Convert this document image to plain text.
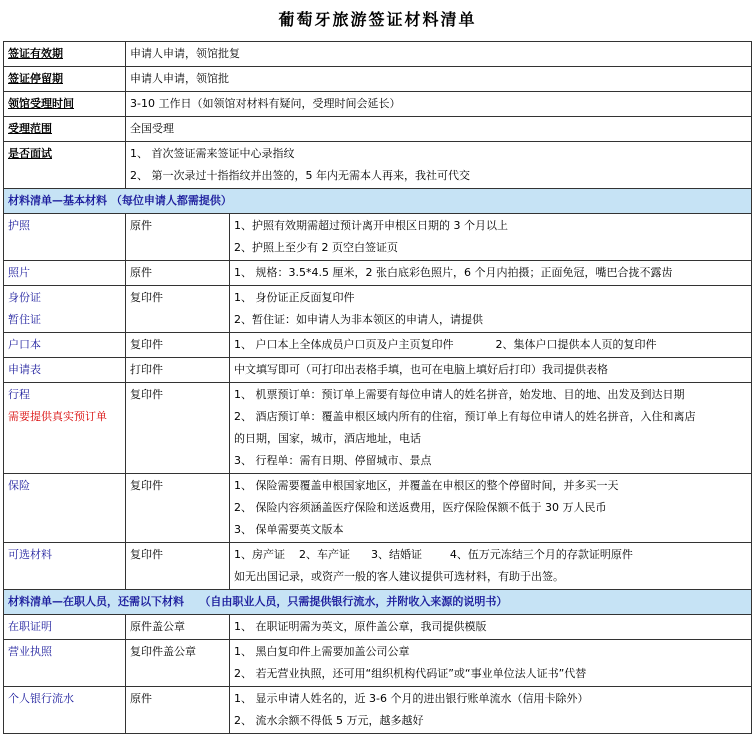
葡萄牙旅游签证材料清单
签证有效期	申请人申请，领馆批复	
签证停留期	申请人申请，领馆批	
领馆受理时间	3-10 工作日（如领馆对材料有疑问，受理时间会延长）	
受理范围	全国受理	
是否面试	1、 首次签证需来签证中心录指纹
2、 第一次录过十指指纹并出签的，5 年内无需本人再来，我社可代交	

材料清单—基本材料 （每位申请人都需提供）		
护照	原件	1、护照有效期需超过预计离开申根区日期的 3 个月以上
2、护照上至少有 2 页空白签证页

照片	原件	1、 规格：3.5*4.5 厘米，2 张白底彩色照片，6 个月内拍摄；正面免冠，嘴巴合拢不露齿

身份证
暂住证	复印件	1、 身份证正反面复印件
2、暂住证：如申请人为非本领区的申请人，请提供

户口本	复印件	1、 户口本上全体成员户口页及户主页复印件            2、集体户口提供本人页的复印件
申请表	打印件	中文填写即可（可打印出表格手填，也可在电脑上填好后打印）我司提供表格

行程
需要提供真实预订单	复印件	1、 机票预订单：预订单上需要有每位申请人的姓名拼音，始发地、目的地、出发及到达日期
2、 酒店预订单：覆盖申根区域内所有的住宿，预订单上有每位申请人的姓名拼音，入住和离店
的日期，国家，城市，酒店地址，电话
3、 行程单：需有日期、停留城市、景点

保险	复印件	1、 保险需要覆盖申根国家地区，并覆盖在申根区的整个停留时间，并多买一天
2、 保险内容须涵盖医疗保险和送返费用，医疗保险保额不低于 30 万人民币
3、 保单需要英文版本

可选材料	复印件	1、房产证    2、车产证      3、结婚证        4、伍万元冻结三个月的存款证明原件
如无出国记录，或资产一般的客人建议提供可选材料，有助于出签。

材料清单—在职人员，还需以下材料    （自由职业人员，只需提供银行流水，并附收入来源的说明书）		
在职证明	原件盖公章	1、 在职证明需为英文，原件盖公章，我司提供模版
营业执照	复印件盖公章	1、 黑白复印件上需要加盖公司公章
2、 若无营业执照，还可用“组织机构代码证”或“事业单位法人证书”代替

个人银行流水	原件	1、 显示申请人姓名的，近 3-6 个月的进出银行账单流水（信用卡除外）
2、 流水余额不得低 5 万元，越多越好
